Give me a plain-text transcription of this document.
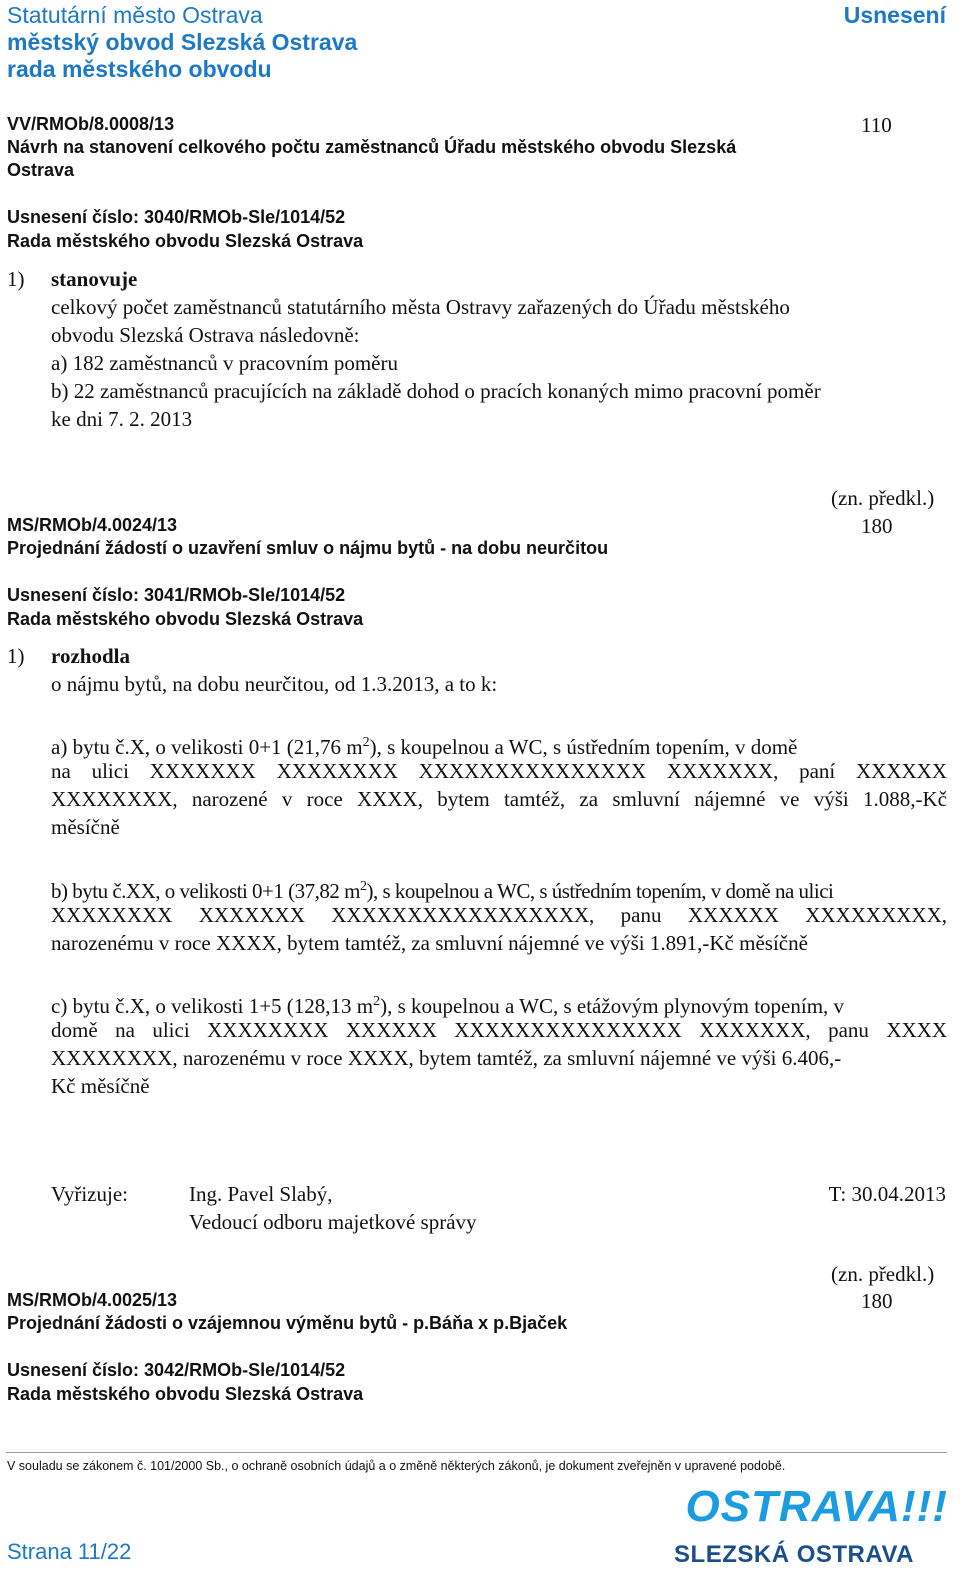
Statutární město Ostrava
městský obvod Slezská Ostrava
rada městského obvodu
Usnesení
VV/RMOb/8.0008/13
Návrh na stanovení celkového počtu zaměstnanců Úřadu městského obvodu Slezská
Ostrava
110
Usnesení číslo: 3040/RMOb-Sle/1014/52
Rada městského obvodu Slezská Ostrava
1) stanovuje
celkový počet zaměstnanců statutárního města Ostravy zařazených do Úřadu městského
obvodu Slezská Ostrava následovně:
a) 182 zaměstnanců v pracovním poměru
b) 22 zaměstnanců pracujících na základě dohod o pracích konaných mimo pracovní poměr
ke dni 7. 2. 2013
(zn. předkl.)
MS/RMOb/4.0024/13	180
Projednání žádostí o uzavření smluv o nájmu bytů - na dobu neurčitou
Usnesení číslo: 3041/RMOb-Sle/1014/52
Rada městského obvodu Slezská Ostrava
1) rozhodla
o nájmu bytů, na dobu neurčitou, od 1.3.2013, a to k:
a) bytu č.X, o velikosti 0+1 (21,76 $m^2$), s koupelnou a WC, s ústředním topením, v domě
na ulici XXXXXXX XXXXXXXX XXXXXXXXXXXXXXX XXXXXXX, paní XXXXXX
XXXXXXXX, narozené v roce XXXX, bytem tamtéž, za smluvní nájemné ve výši 1.088,-Kč
měsíčně
b) bytu č.XX, o velikosti 0+1 (37,82 $m^2$), s koupelnou a WC, s ústředním topením, v domě na ulici
XXXXXXXX XXXXXXX XXXXXXXXXXXXXXXXX, panu XXXXXX XXXXXXXXX,
narozenému v roce XXXX, bytem tamtéž, za smluvní nájemné ve výši 1.891,-Kč měsíčně
c) bytu č.X, o velikosti 1+5 (128,13 $m^2$), s koupelnou a WC, s etážovým plynovým topením, v
domě na ulici XXXXXXXX XXXXXX XXXXXXXXXXXXXXX XXXXXXX, panu XXXX
XXXXXXXX, narozenému v roce XXXX, bytem tamtéž, za smluvní nájemné ve výši 6.406,-
Kč měsíčně
Vyřizuje:	Ing. Pavel Slabý,
Vedoucí odboru majetkové správy
T: 30.04.2013
(zn. předkl.)
MS/RMOb/4.0025/13	180
Projednání žádosti o vzájemnou výměnu bytů - p.Báňa x p.Bjaček
Usnesení číslo: 3042/RMOb-Sle/1014/52
Rada městského obvodu Slezská Ostrava
V souladu se zákonem č. 101/2000 Sb., o ochraně osobních údajů a o změně některých zákonů, je dokument zveřejněn v upravené podobě.
Strana 11/22
OSTRAVA!!!
SLEZSKÁ OSTRAVA
